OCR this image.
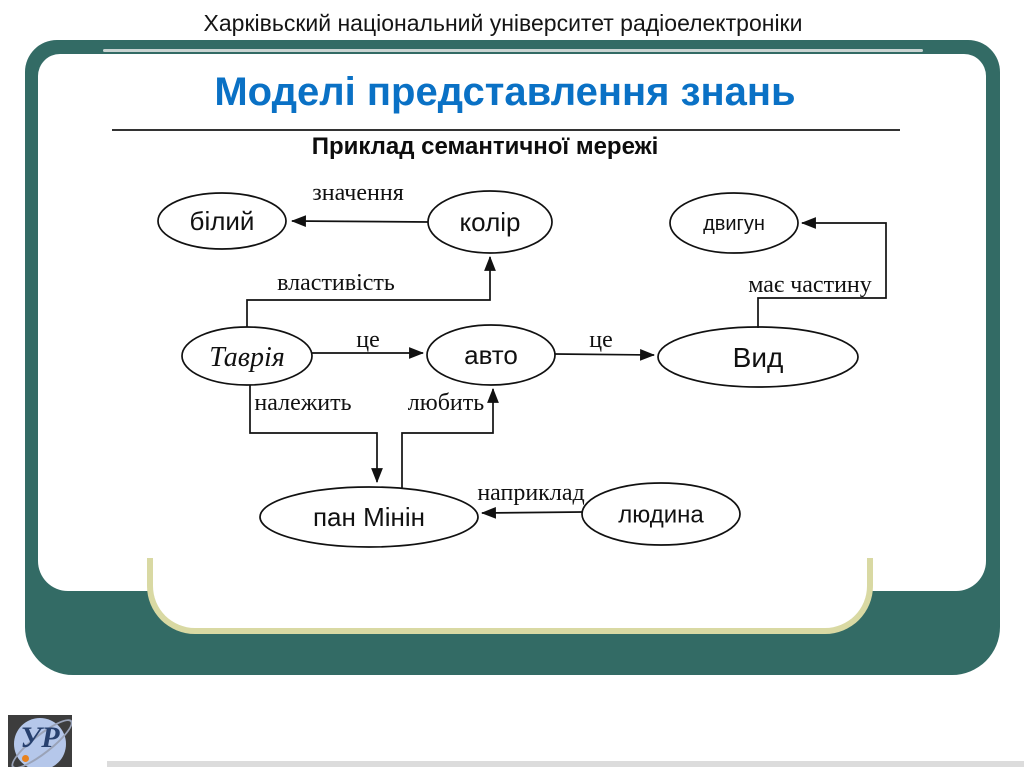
Харківьский національний університет радіоелектроніки
Моделі представлення знань
Приклад семантичної мережі
білий	колір	двигун
Таврія	авто	Вид
пан Мінін	людина
значення
властивість	має частину
це	це
належить любить
наприклад
УР
